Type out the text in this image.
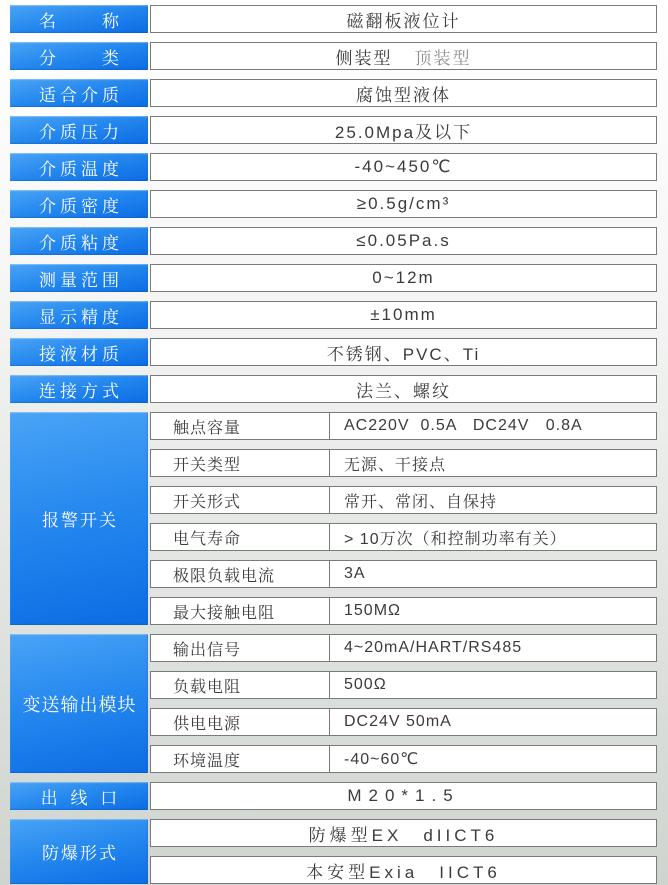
名　　称	磁翻板液位计
分　　类	侧装型 顶装型
适合介质	腐蚀型液体
介质压力	25.0Mpa及以下
介质温度	-40~450℃
介质密度	≥0.5g/cm³
介质粘度	≤0.05Pa.s
测量范围	0~12m
显示精度	±10mm
接液材质	不锈钢、PVC、Ti
连接方式	法兰、螺纹
报警开关
触点容量	AC220V  0.5A   DC24V   0.8A
开关类型	无源、干接点
开关形式	常开、常闭、自保持
电气寿命	> 10万次（和控制功率有关）
极限负载电流	3A
最大接触电阻	150MΩ
变送输出模块
输出信号	4~20mA/HART/RS485
负载电阻	500Ω
供电电源	DC24V 50mA
环境温度	-40~60℃
出 线 口	M20*1.5
防爆形式
防爆型EX　dIICT6
本安型Exia　IICT6
